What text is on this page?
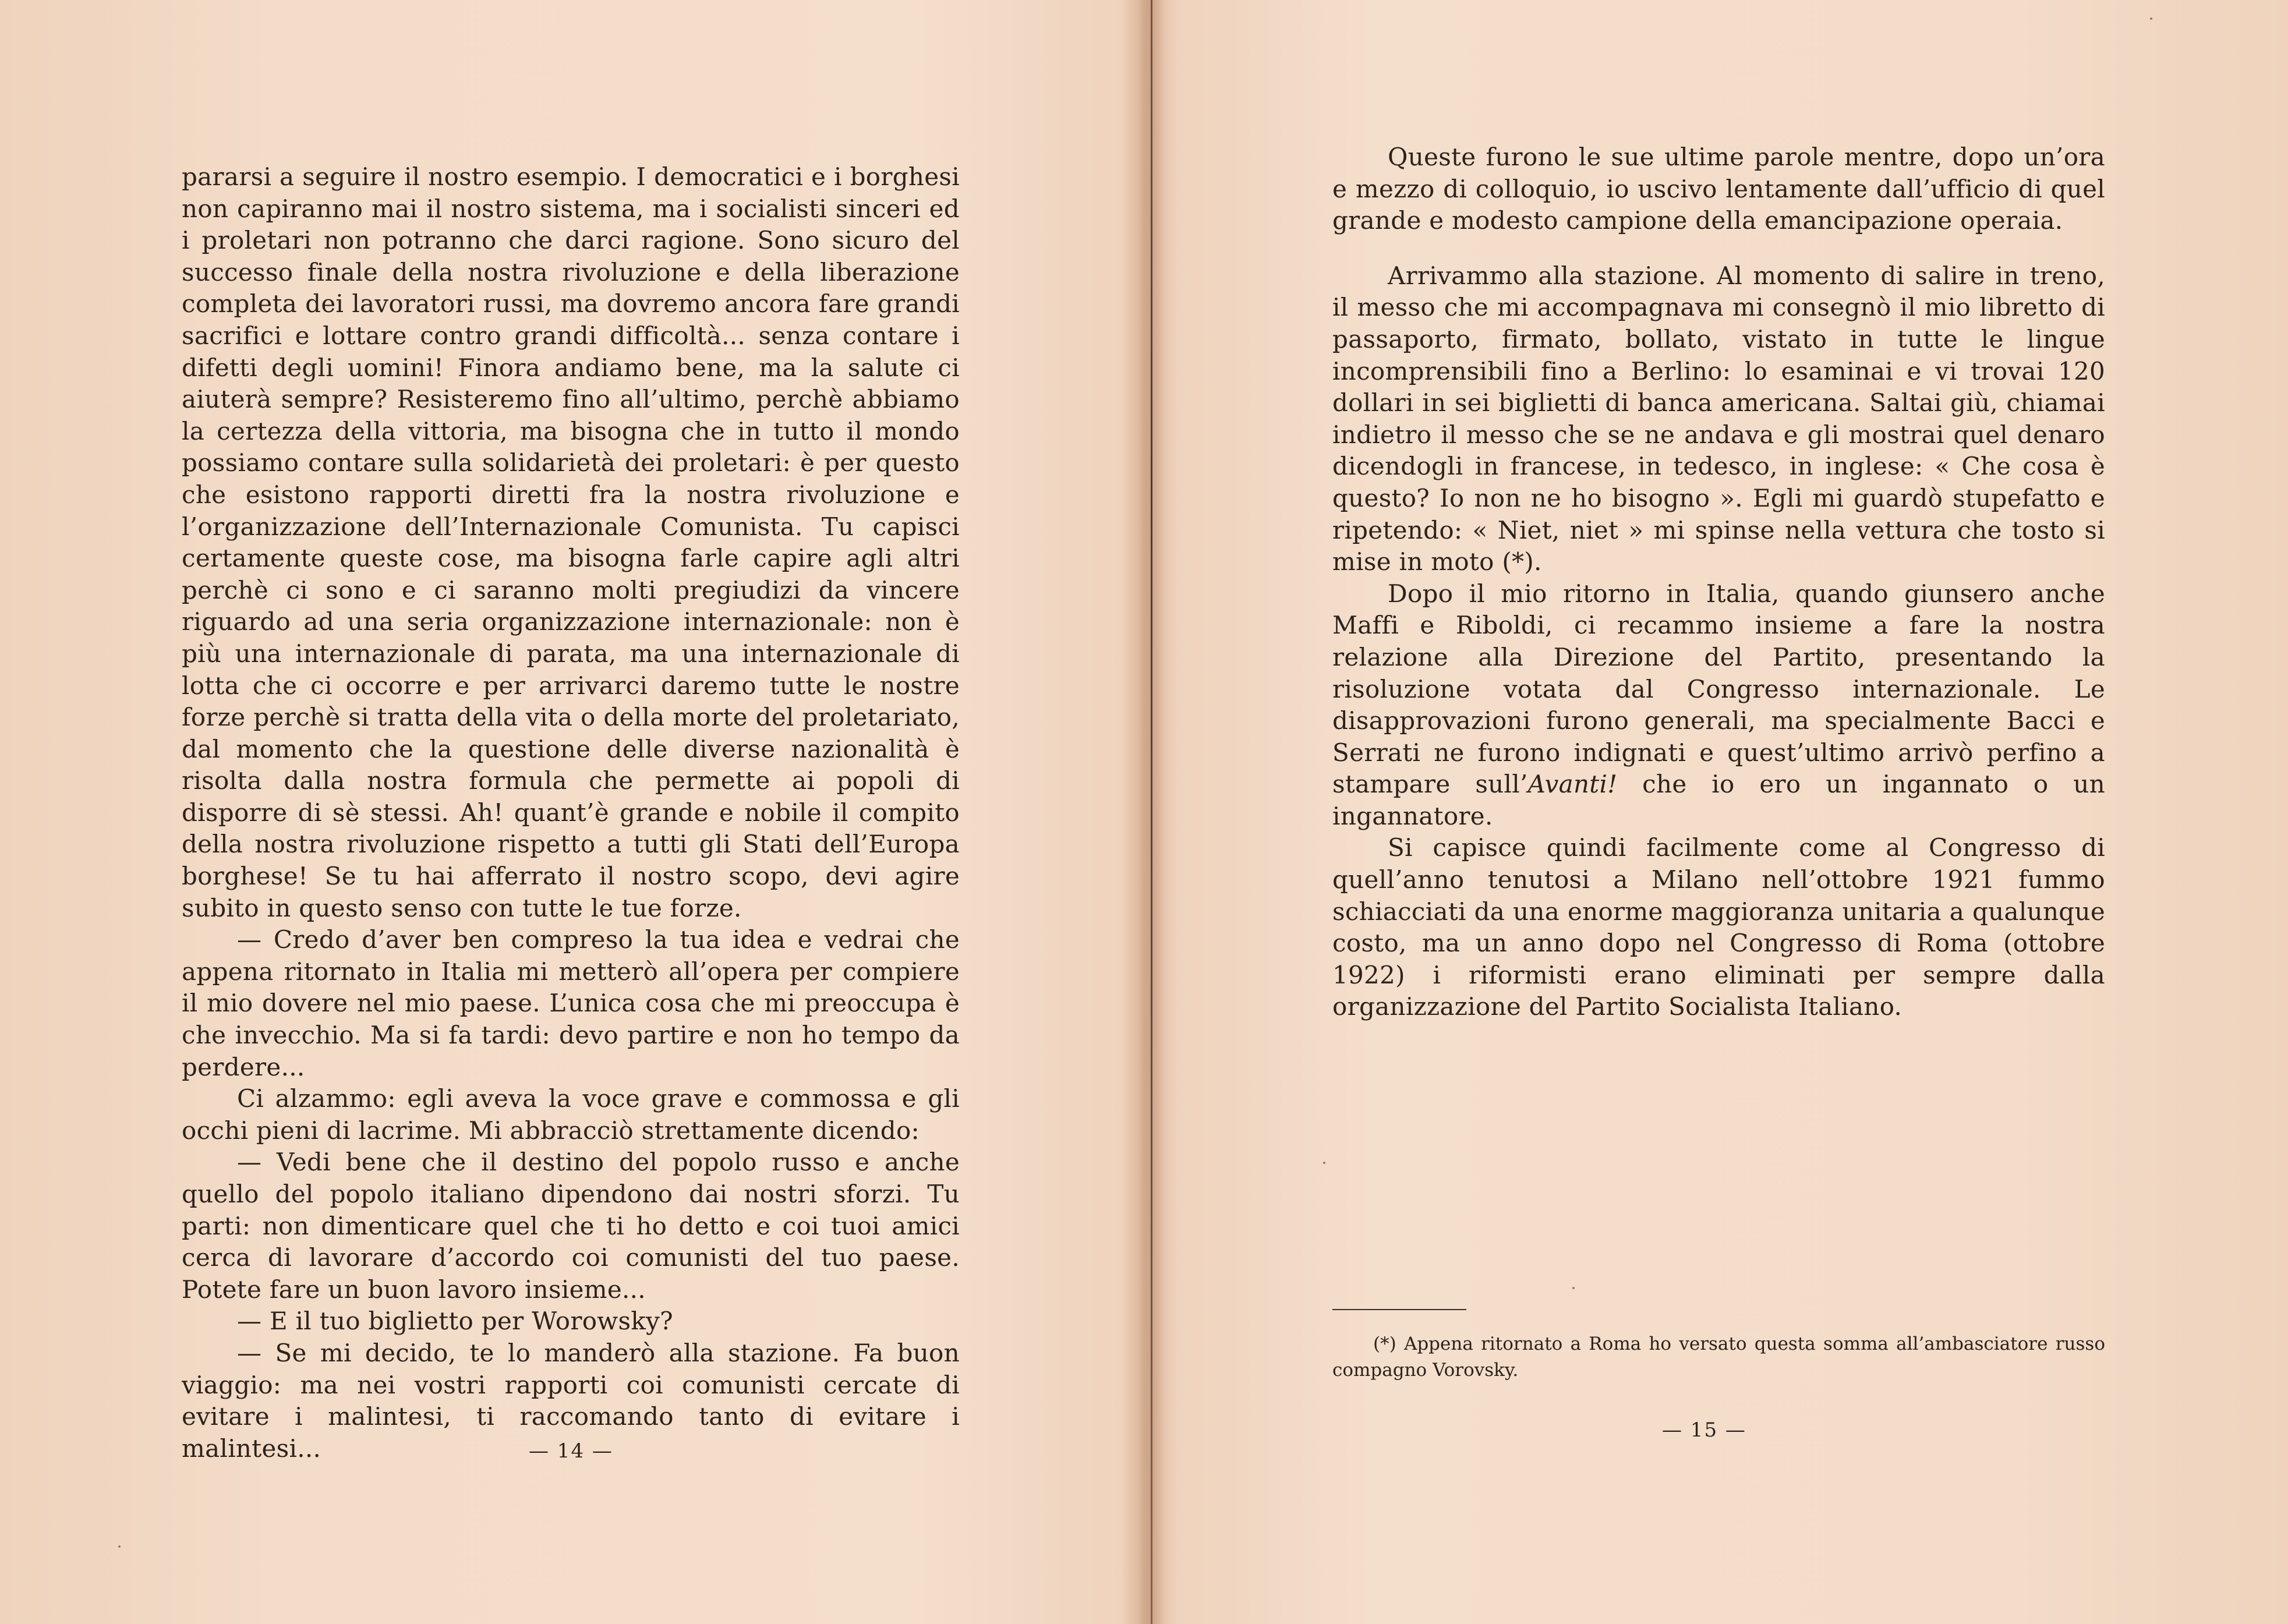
pararsi a seguire il nostro esempio. I democratici e i borghesi non capiranno mai il nostro sistema, ma i socialisti sinceri ed i proletari non potranno che darci ragione. Sono sicuro del successo finale della nostra rivoluzione e della liberazione completa dei lavoratori russi, ma dovremo ancora fare grandi sacrifici e lottare contro grandi difficoltà... senza contare i difetti degli uomini! Finora andiamo bene, ma la salute ci aiuterà sempre? Resisteremo fino all’ultimo, perchè abbiamo la certezza della vittoria, ma bisogna che in tutto il mondo possiamo contare sulla solidarietà dei proletari: è per questo che esistono rapporti diretti fra la nostra rivoluzione e l’organizzazione dell’Internazionale Comunista. Tu capisci certamente queste cose, ma bisogna farle capire agli altri perchè ci sono e ci saranno molti pregiudizi da vincere riguardo ad una seria organizzazione internazionale: non è più una internazionale di parata, ma una internazionale di lotta che ci occorre e per arrivarci daremo tutte le nostre forze perchè si tratta della vita o della morte del proletariato, dal momento che la questione delle diverse nazionalità è risolta dalla nostra formula che permette ai popoli di disporre di sè stessi. Ah! quant’è grande e nobile il compito della nostra rivoluzione rispetto a tutti gli Stati dell’Europa borghese! Se tu hai afferrato il nostro scopo, devi agire subito in questo senso con tutte le tue forze.

— Credo d’aver ben compreso la tua idea e vedrai che appena ritornato in Italia mi metterò all’opera per compiere il mio dovere nel mio paese. L’unica cosa che mi preoccupa è che invecchio. Ma si fa tardi: devo partire e non ho tempo da perdere...

Ci alzammo: egli aveva la voce grave e commossa e gli occhi pieni di lacrime. Mi abbracciò strettamente dicendo:

— Vedi bene che il destino del popolo russo e anche quello del popolo italiano dipendono dai nostri sforzi. Tu parti: non dimenticare quel che ti ho detto e coi tuoi amici cerca di lavorare d’accordo coi comunisti del tuo paese. Potete fare un buon lavoro insieme...

— E il tuo biglietto per Worowsky?

— Se mi decido, te lo manderò alla stazione. Fa buon viaggio: ma nei vostri rapporti coi comunisti cercate di evitare i malintesi, ti raccomando tanto di evitare i malintesi...	— 14 —

Queste furono le sue ultime parole mentre, dopo un’ora e mezzo di colloquio, io uscivo lentamente dall’ufficio di quel grande e modesto campione della emancipazione operaia.

Arrivammo alla stazione. Al momento di salire in treno, il messo che mi accompagnava mi consegnò il mio libretto di passaporto, firmato, bollato, vistato in tutte le lingue incomprensibili fino a Berlino: lo esaminai e vi trovai 120 dollari in sei biglietti di banca americana. Saltai giù, chiamai indietro il messo che se ne andava e gli mostrai quel denaro dicendogli in francese, in tedesco, in inglese: « Che cosa è questo? Io non ne ho bisogno ». Egli mi guardò stupefatto e ripetendo: « Niet, niet » mi spinse nella vettura che tosto si mise in moto (*).

Dopo il mio ritorno in Italia, quando giunsero anche Maffi e Riboldi, ci recammo insieme a fare la nostra relazione alla Direzione del Partito, presentando la risoluzione votata dal Congresso internazionale. Le disapprovazioni furono generali, ma specialmente Bacci e Serrati ne furono indignati e quest’ultimo arrivò perfino a stampare sull’Avanti! che io ero un ingannato o un ingannatore.

Si capisce quindi facilmente come al Congresso di quell’anno tenutosi a Milano nell’ottobre 1921 fummo schiacciati da una enorme maggioranza unitaria a qualunque costo, ma un anno dopo nel Congresso di Roma (ottobre 1922) i riformisti erano eliminati per sempre dalla organizzazione del Partito Socialista Italiano.

(*) Appena ritornato a Roma ho versato questa somma all’ambasciatore russo compagno Vorovsky.

— 15 —
